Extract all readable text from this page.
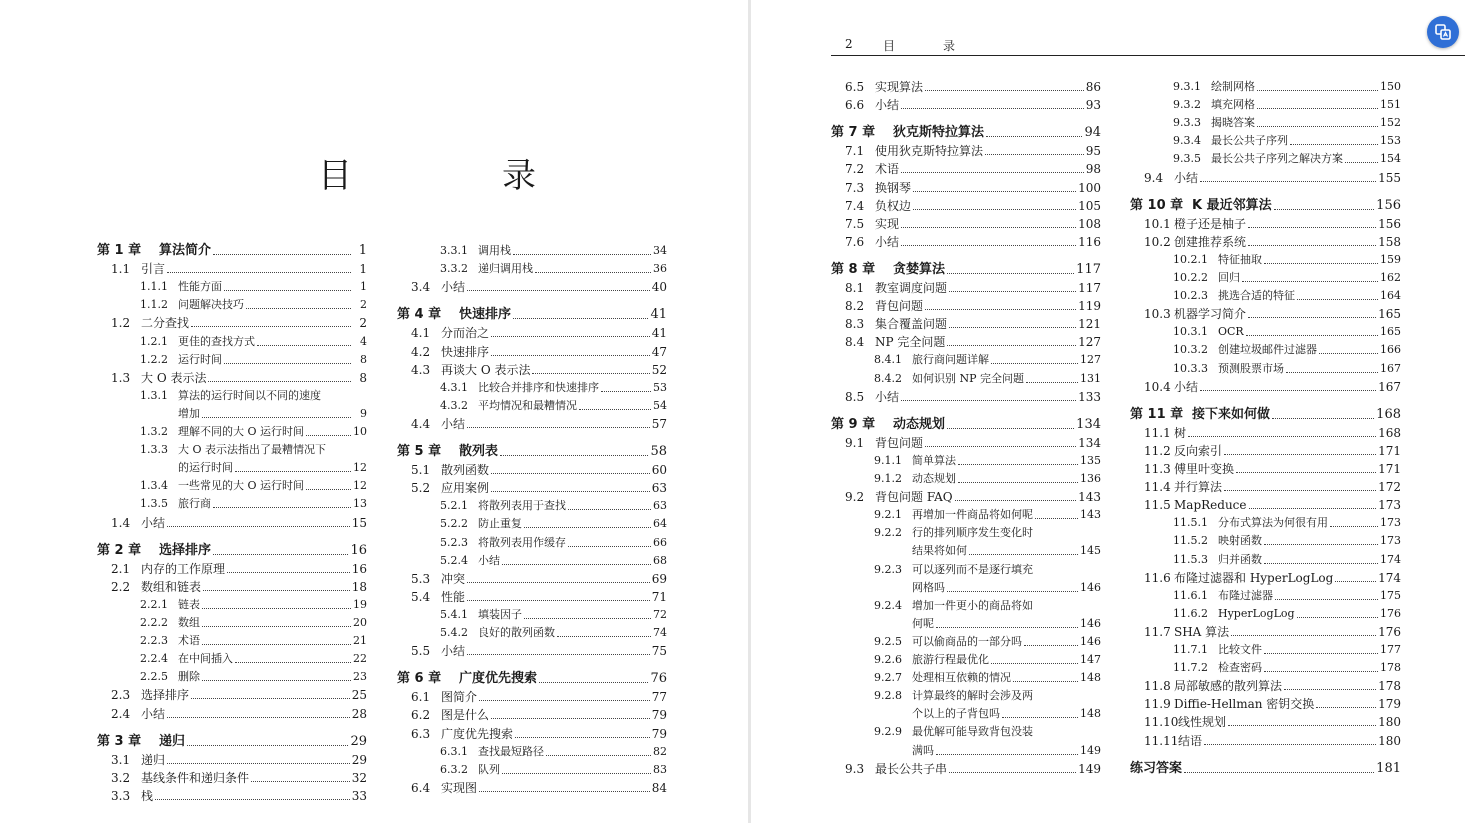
目　录
第 1 章	算法简介	1
1.1 引言	1
1.1.1 性能方面	1
1.1.2 问题解决技巧	2
1.2 二分查找	2
1.2.1 更佳的查找方式	4
1.2.2 运行时间	8
1.3 大 O 表示法	8
1.3.1 算法的运行时间以不同的速度
增加	9
1.3.2 理解不同的大 O 运行时间	10
1.3.3 大 O 表示法指出了最糟情况下
的运行时间	12
1.3.4 一些常见的大 O 运行时间	12
1.3.5 旅行商	13
1.4 小结	15
第 2 章	选择排序	16
2.1 内存的工作原理	16
2.2 数组和链表	18
2.2.1 链表	19
2.2.2 数组	20
2.2.3 术语	21
2.2.4 在中间插入	22
2.2.5 删除	23
2.3 选择排序	25
2.4 小结	28
第 3 章	递归	29
3.1 递归	29
3.2 基线条件和递归条件	32
3.3 栈	33
3.3.1 调用栈	34
3.3.2 递归调用栈	36
3.4 小结	40
第 4 章	快速排序	41
4.1 分而治之	41
4.2 快速排序	47
4.3 再谈大 O 表示法	52
4.3.1 比较合并排序和快速排序	53
4.3.2 平均情况和最糟情况	54
4.4 小结	57
第 5 章	散列表	58
5.1 散列函数	60
5.2 应用案例	63
5.2.1 将散列表用于查找	63
5.2.2 防止重复	64
5.2.3 将散列表用作缓存	66
5.2.4 小结	68
5.3 冲突	69
5.4 性能	71
5.4.1 填装因子	72
5.4.2 良好的散列函数	74
5.5 小结	75
第 6 章	广度优先搜索	76
6.1 图简介	77
6.2 图是什么	79
6.3 广度优先搜索	79
6.3.1 查找最短路径	82
6.3.2 队列	83
6.4 实现图	84
2	目　录
6.5 实现算法	86
6.6 小结	93
第 7 章	狄克斯特拉算法	94
7.1 使用狄克斯特拉算法	95
7.2 术语	98
7.3 换钢琴	100
7.4 负权边	105
7.5 实现	108
7.6 小结	116
第 8 章	贪婪算法	117
8.1 教室调度问题	117
8.2 背包问题	119
8.3 集合覆盖问题	121
8.4 NP 完全问题	127
8.4.1 旅行商问题详解	127
8.4.2 如何识别 NP 完全问题	131
8.5 小结	133
第 9 章	动态规划	134
9.1 背包问题	134
9.1.1 简单算法	135
9.1.2 动态规划	136
9.2 背包问题 FAQ	143
9.2.1 再增加一件商品将如何呢	143
9.2.2 行的排列顺序发生变化时
结果将如何	145
9.2.3 可以逐列而不是逐行填充
网格吗	146
9.2.4 增加一件更小的商品将如
何呢	146
9.2.5 可以偷商品的一部分吗	146
9.2.6 旅游行程最优化	147
9.2.7 处理相互依赖的情况	148
9.2.8 计算最终的解时会涉及两
个以上的子背包吗	148
9.2.9 最优解可能导致背包没装
满吗	149
9.3 最长公共子串	149
9.3.1 绘制网格	150
9.3.2 填充网格	151
9.3.3 揭晓答案	152
9.3.4 最长公共子序列	153
9.3.5 最长公共子序列之解决方案	154
9.4 小结	155
第 10 章 K 最近邻算法	156
10.1 橙子还是柚子	156
10.2 创建推荐系统	158
10.2.1 特征抽取	159
10.2.2 回归	162
10.2.3 挑选合适的特征	164
10.3 机器学习简介	165
10.3.1 OCR	165
10.3.2 创建垃圾邮件过滤器	166
10.3.3 预测股票市场	167
10.4 小结	167
第 11 章 接下来如何做	168
11.1 树	168
11.2 反向索引	171
11.3 傅里叶变换	171
11.4 并行算法	172
11.5 MapReduce	173
11.5.1 分布式算法为何很有用	173
11.5.2 映射函数	173
11.5.3 归并函数	174
11.6 布隆过滤器和 HyperLogLog	174
11.6.1 布隆过滤器	175
11.6.2 HyperLogLog	176
11.7 SHA 算法	176
11.7.1 比较文件	177
11.7.2 检查密码	178
11.8 局部敏感的散列算法	178
11.9 Diffie-Hellman 密钥交换	179
11.10 线性规划	180
11.11 结语	180
练习答案	181
